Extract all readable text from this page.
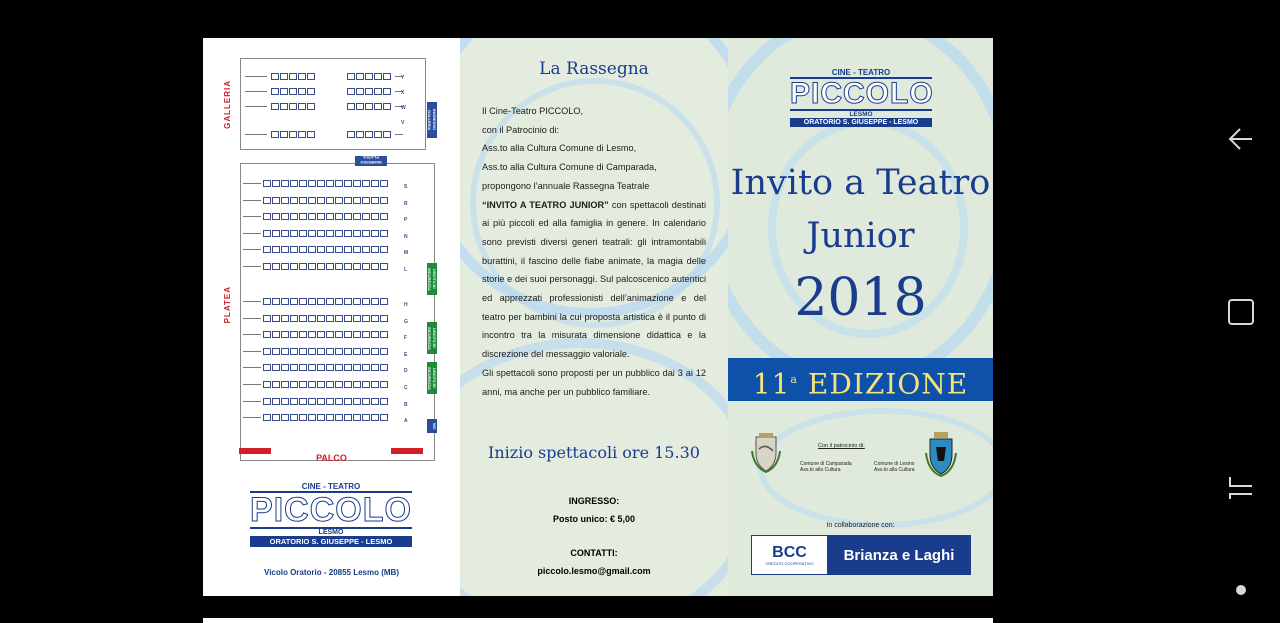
GALLERIA
PLATEA
Y
X
W
V
S
R
P
N
M
L
H
G
F
E
D
C
B
A
INGRESSO GALLERIA
INGRESSO PLATEA
USCITA DI SICUREZZA
USCITA DI SICUREZZA
USCITA DI SICUREZZA
WC
PALCO
CINE - TEATRO
PICCOLO
LESMO
ORATORIO S. GIUSEPPE - LESMO
Vicolo Oratorio - 20855 Lesmo (MB)
La Rassegna
Il Cine-Teatro PICCOLO,
con il Patrocinio di:
Ass.to alla Cultura Comune di Lesmo,
Ass.to alla Cultura Comune di Camparada,
propongono l’annuale Rassegna Teatrale
“INVITO A TEATRO JUNIOR” con spettacoli destinati ai più piccoli ed alla famiglia in genere. In calendario sono previsti diversi generi teatrali: gli intramontabili burattini, il fascino delle fiabe animate, la magia delle storie e dei suoi personaggi. Sul palcoscenico autentici ed apprezzati professionisti dell’animazione e del teatro per bambini la cui proposta artistica è il punto di incontro tra la misurata dimensione didattica e la discrezione del messaggio valoriale.
Gli spettacoli sono proposti per un pubblico dai 3 ai 12 anni, ma anche per un pubblico familiare.
Inizio spettacoli ore 15.30
INGRESSO:
Posto unico: € 5,00
CONTATTI:
piccolo.lesmo@gmail.com
CINE - TEATRO
PICCOLO
LESMO
ORATORIO S. GIUSEPPE - LESMO
Invito a Teatro
Junior
2018
11$^a$ EDIZIONE
Con il patrocinio di:
Comune di Camparada
Ass.to alla Cultura
Comune di Lesmo
Ass.to alla Cultura
In collaborazione con:
BCC
CREDITO COOPERATIVO	Brianza e Laghi
